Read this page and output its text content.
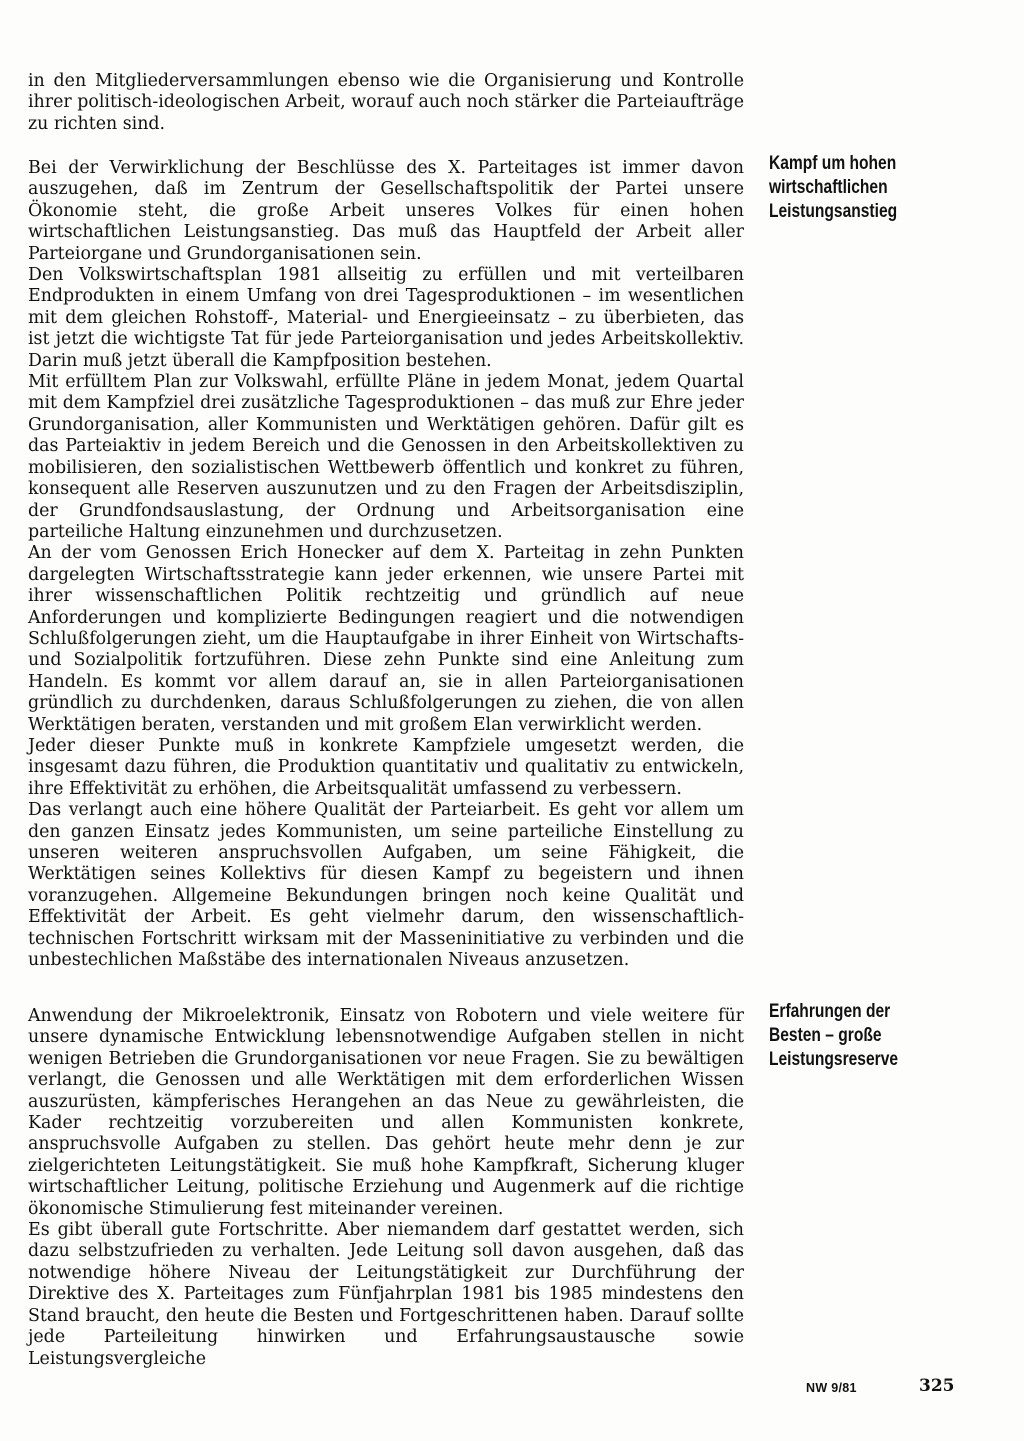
in den Mitgliederversammlungen ebenso wie die Organisierung und Kontrolle ihrer politisch-ideologischen Arbeit, worauf auch noch stärker die Parteiaufträge zu richten sind.

Bei der Verwirklichung der Beschlüsse des X. Parteitages ist immer davon auszugehen, daß im Zentrum der Gesellschaftspolitik der Partei unsere Ökonomie steht, die große Arbeit unseres Volkes für einen hohen wirtschaftlichen Leistungsanstieg. Das muß das Hauptfeld der Arbeit aller Parteiorgane und Grundorganisationen sein.

Den Volkswirtschaftsplan 1981 allseitig zu erfüllen und mit verteilbaren Endprodukten in einem Umfang von drei Tagesproduktionen – im wesentlichen mit dem gleichen Rohstoff-, Material- und Energieeinsatz – zu überbieten, das ist jetzt die wichtigste Tat für jede Parteiorganisation und jedes Arbeitskollektiv. Darin muß jetzt überall die Kampfposition bestehen.

Mit erfülltem Plan zur Volkswahl, erfüllte Pläne in jedem Monat, jedem Quartal mit dem Kampfziel drei zusätzliche Tagesproduktionen – das muß zur Ehre jeder Grundorganisation, aller Kommunisten und Werktätigen gehören. Dafür gilt es das Parteiaktiv in jedem Bereich und die Genossen in den Arbeitskollektiven zu mobilisieren, den sozialistischen Wettbewerb öffentlich und konkret zu führen, konsequent alle Reserven auszunutzen und zu den Fragen der Arbeitsdisziplin, der Grundfondsauslastung, der Ordnung und Arbeitsorganisation eine parteiliche Haltung einzunehmen und durchzusetzen.

An der vom Genossen Erich Honecker auf dem X. Parteitag in zehn Punkten dargelegten Wirtschaftsstrategie kann jeder erkennen, wie unsere Partei mit ihrer wissenschaftlichen Politik rechtzeitig und gründlich auf neue Anforderungen und komplizierte Bedingungen reagiert und die notwendigen Schlußfolgerungen zieht, um die Hauptaufgabe in ihrer Einheit von Wirtschafts- und Sozialpolitik fortzuführen. Diese zehn Punkte sind eine Anleitung zum Handeln. Es kommt vor allem darauf an, sie in allen Parteiorganisationen gründlich zu durchdenken, daraus Schlußfolgerungen zu ziehen, die von allen Werktätigen beraten, verstanden und mit großem Elan verwirklicht werden.

Jeder dieser Punkte muß in konkrete Kampfziele umgesetzt werden, die insgesamt dazu führen, die Produktion quantitativ und qualitativ zu entwickeln, ihre Effektivität zu erhöhen, die Arbeitsqualität umfassend zu verbessern.

Das verlangt auch eine höhere Qualität der Parteiarbeit. Es geht vor allem um den ganzen Einsatz jedes Kommunisten, um seine parteiliche Einstellung zu unseren weiteren anspruchsvollen Aufgaben, um seine Fähigkeit, die Werktätigen seines Kollektivs für diesen Kampf zu begeistern und ihnen voranzugehen. Allgemeine Bekundungen bringen noch keine Qualität und Effektivität der Arbeit. Es geht vielmehr darum, den wissenschaftlich-technischen Fortschritt wirksam mit der Masseninitiative zu verbinden und die unbestechlichen Maßstäbe des internationalen Niveaus anzusetzen.

Kampf um hohen
wirtschaftlichen
Leistungsanstieg

Anwendung der Mikroelektronik, Einsatz von Robotern und viele weitere für unsere dynamische Entwicklung lebensnotwendige Aufgaben stellen in nicht wenigen Betrieben die Grundorganisationen vor neue Fragen. Sie zu bewältigen verlangt, die Genossen und alle Werktätigen mit dem erforderlichen Wissen auszurüsten, kämpferisches Herangehen an das Neue zu gewährleisten, die Kader rechtzeitig vorzubereiten und allen Kommunisten konkrete, anspruchsvolle Aufgaben zu stellen. Das gehört heute mehr denn je zur zielgerichteten Leitungstätigkeit. Sie muß hohe Kampfkraft, Sicherung kluger wirtschaftlicher Leitung, politische Erziehung und Augenmerk auf die richtige ökonomische Stimulierung fest miteinander vereinen.

Es gibt überall gute Fortschritte. Aber niemandem darf gestattet werden, sich dazu selbstzufrieden zu verhalten. Jede Leitung soll davon ausgehen, daß das notwendige höhere Niveau der Leitungstätigkeit zur Durchführung der Direktive des X. Parteitages zum Fünfjahrplan 1981 bis 1985 mindestens den Stand braucht, den heute die Besten und Fortgeschrittenen haben. Darauf sollte jede Parteileitung hinwirken und Erfahrungsaustausche sowie Leistungsvergleiche

Erfahrungen der
Besten – große
Leistungsreserve
NW 9/81	325
